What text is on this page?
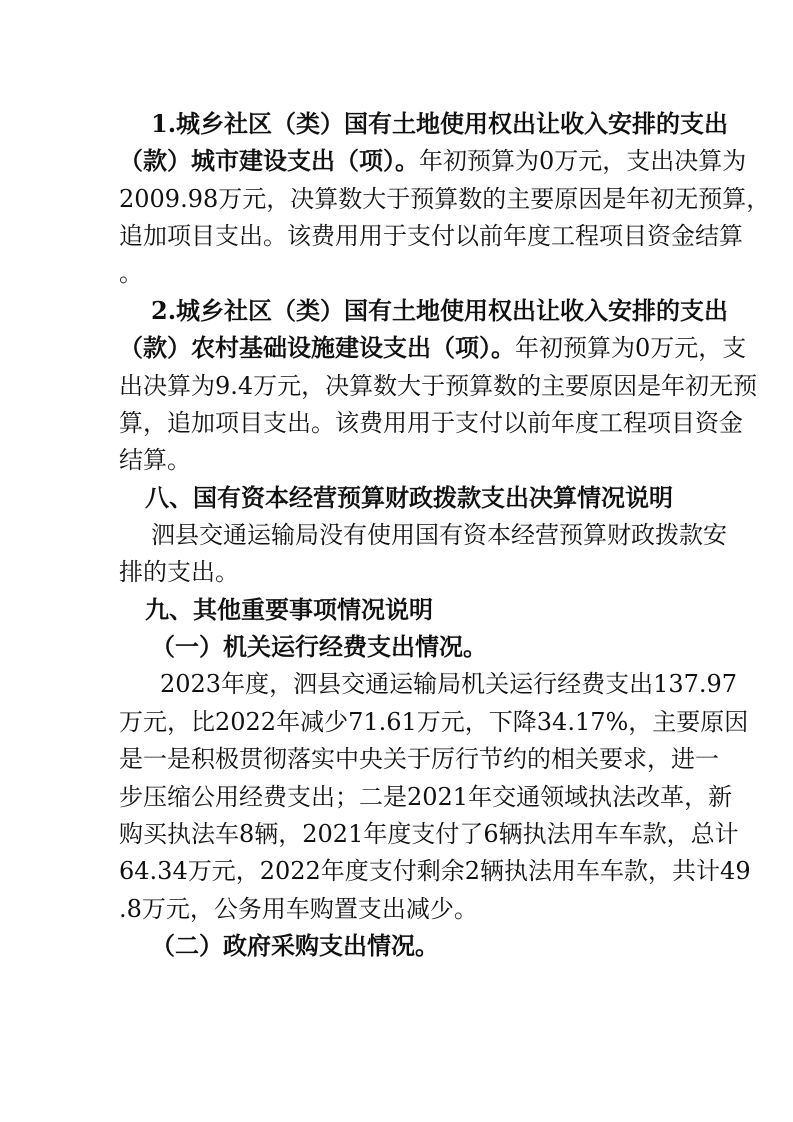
1.城乡社区（类）国有土地使用权出让收入安排的支出
（款）城市建设支出（项）。年初预算为0万元，支出决算为
2009.98万元，决算数大于预算数的主要原因是年初无预算，
追加项目支出。该费用用于支付以前年度工程项目资金结算
。
2.城乡社区（类）国有土地使用权出让收入安排的支出
（款）农村基础设施建设支出（项）。年初预算为0万元，支
出决算为9.4万元，决算数大于预算数的主要原因是年初无预
算，追加项目支出。该费用用于支付以前年度工程项目资金
结算。
八、国有资本经营预算财政拨款支出决算情况说明
泗县交通运输局没有使用国有资本经营预算财政拨款安
排的支出。
九、其他重要事项情况说明
（一）机关运行经费支出情况。
2023年度，泗县交通运输局机关运行经费支出137.97
万元，比2022年减少71.61万元，下降34.17%，主要原因
是一是积极贯彻落实中央关于厉行节约的相关要求，进一
步压缩公用经费支出；二是2021年交通领域执法改革，新
购买执法车8辆，2021年度支付了6辆执法用车车款，总计
64.34万元，2022年度支付剩余2辆执法用车车款，共计49
.8万元，公务用车购置支出减少。
（二）政府采购支出情况。
